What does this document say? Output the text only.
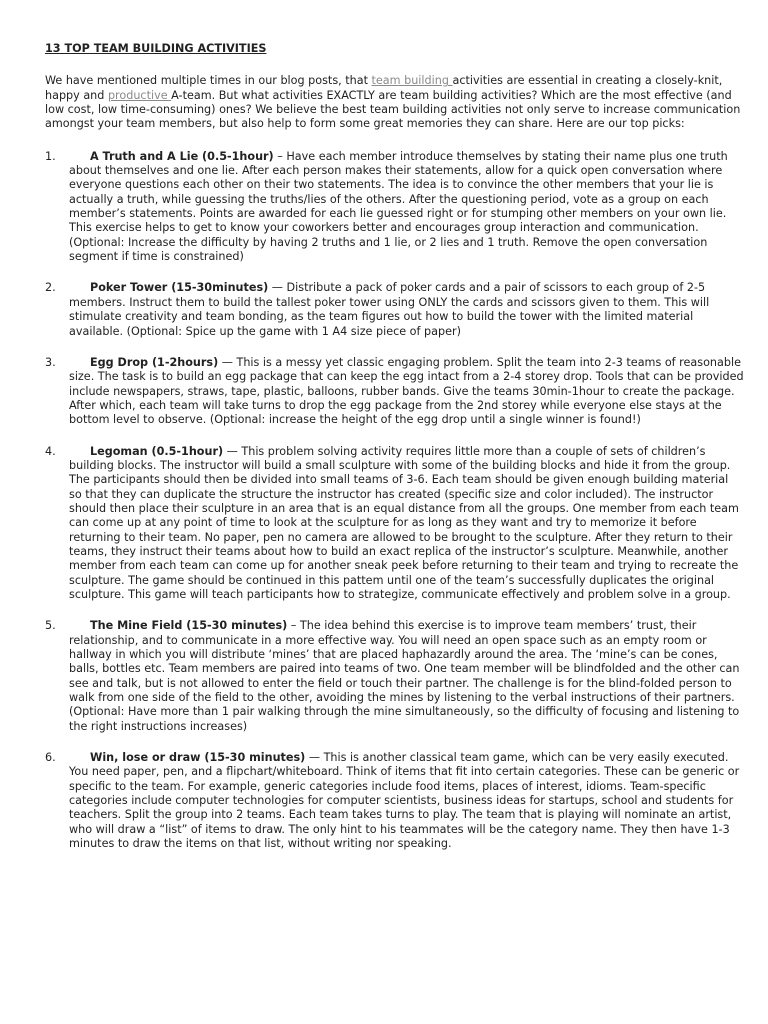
13 TOP TEAM BUILDING ACTIVITIES
We have mentioned multiple times in our blog posts, that team building activities are essential in creating a closely-knit, happy and productive A-team. But what activities EXACTLY are team building activities? Which are the most effective (and low cost, low time-consuming) ones? We believe the best team building activities not only serve to increase communication amongst your team members, but also help to form some great memories they can share. Here are our top picks:
1.	A Truth and A Lie (0.5-1hour) – Have each member introduce themselves by stating their name plus one truth about themselves and one lie. After each person makes their statements, allow for a quick open conversation where everyone questions each other on their two statements. The idea is to convince the other members that your lie is actually a truth, while guessing the truths/lies of the others. After the questioning period, vote as a group on each member’s statements. Points are awarded for each lie guessed right or for stumping other members on your own lie. This exercise helps to get to know your coworkers better and encourages group interaction and communication. (Optional: Increase the difficulty by having 2 truths and 1 lie, or 2 lies and 1 truth. Remove the open conversation segment if time is constrained)
2.	Poker Tower (15-30minutes) — Distribute a pack of poker cards and a pair of scissors to each group of 2-5 members. Instruct them to build the tallest poker tower using ONLY the cards and scissors given to them. This will stimulate creativity and team bonding, as the team figures out how to build the tower with the limited material available. (Optional: Spice up the game with 1 A4 size piece of paper)
3.	Egg Drop (1-2hours) — This is a messy yet classic engaging problem. Split the team into 2-3 teams of reasonable size. The task is to build an egg package that can keep the egg intact from a 2-4 storey drop. Tools that can be provided include newspapers, straws, tape, plastic, balloons, rubber bands. Give the teams 30min-1hour to create the package. After which, each team will take turns to drop the egg package from the 2nd storey while everyone else stays at the bottom level to observe. (Optional: increase the height of the egg drop until a single winner is found!)
4.	Legoman (0.5-1hour) — This problem solving activity requires little more than a couple of sets of children’s building blocks. The instructor will build a small sculpture with some of the building blocks and hide it from the group. The participants should then be divided into small teams of 3-6. Each team should be given enough building material so that they can duplicate the structure the instructor has created (specific size and color included). The instructor should then place their sculpture in an area that is an equal distance from all the groups. One member from each team can come up at any point of time to look at the sculpture for as long as they want and try to memorize it before returning to their team. No paper, pen no camera are allowed to be brought to the sculpture. After they return to their teams, they instruct their teams about how to build an exact replica of the instructor’s sculpture. Meanwhile, another member from each team can come up for another sneak peek before returning to their team and trying to recreate the sculpture. The game should be continued in this pattem until one of the team’s successfully duplicates the original sculpture. This game will teach participants how to strategize, communicate effectively and problem solve in a group.
5.	The Mine Field (15-30 minutes) – The idea behind this exercise is to improve team members’ trust, their relationship, and to communicate in a more effective way. You will need an open space such as an empty room or hallway in which you will distribute ‘mines’ that are placed haphazardly around the area. The ‘mine’s can be cones, balls, bottles etc. Team members are paired into teams of two. One team member will be blindfolded and the other can see and talk, but is not allowed to enter the field or touch their partner. The challenge is for the blind-folded person to walk from one side of the field to the other, avoiding the mines by listening to the verbal instructions of their partners. (Optional: Have more than 1 pair walking through the mine simultaneously, so the difficulty of focusing and listening to the right instructions increases)
6.	Win, lose or draw (15-30 minutes) — This is another classical team game, which can be very easily executed. You need paper, pen, and a flipchart/whiteboard. Think of items that fit into certain categories. These can be generic or specific to the team. For example, generic categories include food items, places of interest, idioms. Team-specific categories include computer technologies for computer scientists, business ideas for startups, school and students for teachers. Split the group into 2 teams. Each team takes turns to play. The team that is playing will nominate an artist, who will draw a “list” of items to draw. The only hint to his teammates will be the category name. They then have 1-3 minutes to draw the items on that list, without writing nor speaking.
